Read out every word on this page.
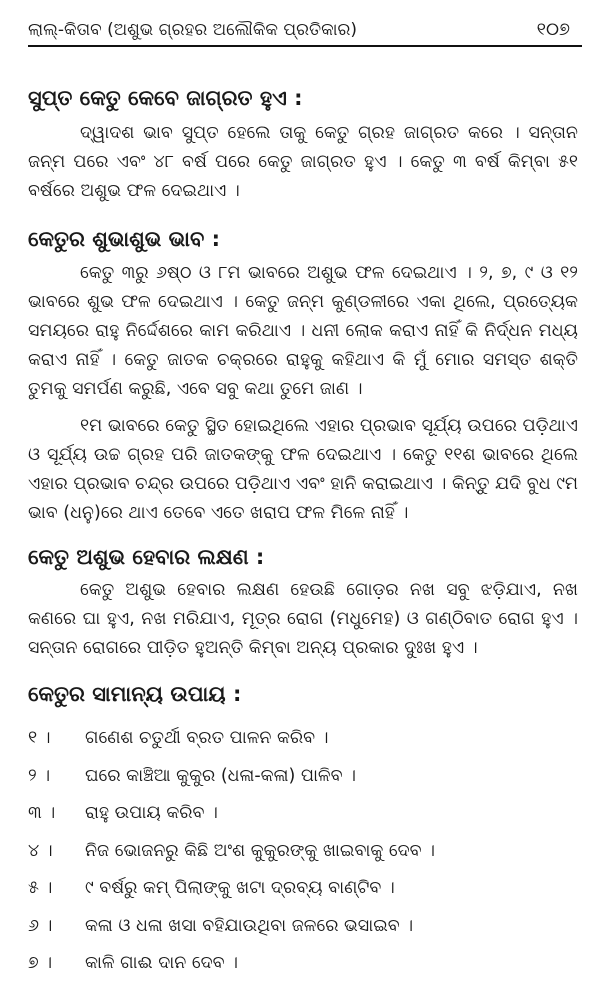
ଲାଲ୍-କିତାବ (ଅଶୁଭ ଗ୍ରହର ଅଲୌକିକ ପ୍ରତିକାର)	୧୦୭
ସୁପ୍ତ କେତୁ କେବେ ଜାଗ୍ରତ ହୁଏ :

ଦ୍ୱାଦଶ ଭାବ ସୁପ୍ତ ହେଲେ ତାକୁ କେତୁ ଗ୍ରହ ଜାଗ୍ରତ କରେ । ସନ୍ତାନ ଜନ୍ମ ପରେ ଏବଂ ୪୮ ବର୍ଷ ପରେ କେତୁ ଜାଗ୍ରତ ହୁଏ । କେତୁ ୩ ବର୍ଷ କିମ୍ବା ୫୧ ବର୍ଷରେ ଅଶୁଭ ଫଳ ଦେଇଥାଏ ।

କେତୁର ଶୁଭାଶୁଭ ଭାବ :

କେତୁ ୩ରୁ ୬ଷ୍ଠ ଓ ୮ମ ଭାବରେ ଅଶୁଭ ଫଳ ଦେଇଥାଏ । ୨, ୭, ୯ ଓ ୧୨ ଭାବରେ ଶୁଭ ଫଳ ଦେଇଥାଏ । କେତୁ ଜନ୍ମ କୁଣ୍ଡଳୀରେ ଏକା ଥିଲେ, ପ୍ରତ୍ୟେକ ସମୟରେ ରାହୁ ନିର୍ଦ୍ଦେଶରେ କାମ କରିଥାଏ । ଧନୀ ଲୋକ କରାଏ ନାହିଁ କି ନିର୍ଦ୍ଧନ ମଧ୍ୟ କରାଏ ନାହିଁ । କେତୁ ଜାତକ ଚକ୍ରରେ ରାହୁକୁ କହିଥାଏ କି ମୁଁ ମୋର ସମସ୍ତ ଶକ୍ତି ତୁମକୁ ସମର୍ପଣ କରୁଛି, ଏବେ ସବୁ କଥା ତୁମେ ଜାଣ ।

୧ମ ଭାବରେ କେତୁ ସ୍ଥିତ ହୋଇଥିଲେ ଏହାର ପ୍ରଭାବ ସୂର୍ଯ୍ୟ ଉପରେ ପଡ଼ିଥାଏ ଓ ସୂର୍ଯ୍ୟ ଉଚ୍ଚ ଗ୍ରହ ପରି ଜାତକଙ୍କୁ ଫଳ ଦେଇଥାଏ । କେତୁ ୧୧ଶ ଭାବରେ ଥିଲେ ଏହାର ପ୍ରଭାବ ଚନ୍ଦ୍ର ଉପରେ ପଡ଼ିଥାଏ ଏବଂ ହାନି କରାଇଥାଏ । କିନ୍ତୁ ଯଦି ବୁଧ ୯ମ ଭାବ (ଧନୁ)ରେ ଥାଏ ତେବେ ଏତେ ଖରାପ ଫଳ ମିଳେ ନାହିଁ ।

କେତୁ ଅଶୁଭ ହେବାର ଲକ୍ଷଣ :

କେତୁ ଅଶୁଭ ହେବାର ଲକ୍ଷଣ ହେଉଛି ଗୋଡ଼ର ନଖ ସବୁ ଝଡ଼ିଯାଏ, ନଖ କଣରେ ଘା ହୁଏ, ନଖ ମରିଯାଏ, ମୂତ୍ର ରୋଗ (ମଧୁମେହ) ଓ ଗଣ୍ଠିବାତ ରୋଗ ହୁଏ । ସନ୍ତାନ ରୋଗରେ ପୀଡ଼ିତ ହୁଅନ୍ତି କିମ୍ବା ଅନ୍ୟ ପ୍ରକାର ଦୁଃଖ ହୁଏ ।

କେତୁର ସାମାନ୍ୟ ଉପାୟ :
୧ ।	ଗଣେଶ ଚତୁର୍ଥୀ ବ୍ରତ ପାଳନ କରିବ ।
୨ ।	ଘରେ କାଞ୍ଚିଆ କୁକୁର (ଧଳା-କଳା) ପାଳିବ ।
୩ ।	ରାହୁ ଉପାୟ କରିବ ।
୪ ।	ନିଜ ଭୋଜନରୁ କିଛି ଅଂଶ କୁକୁରଙ୍କୁ ଖାଇବାକୁ ଦେବ ।
୫ ।	୯ ବର୍ଷରୁ କମ୍ ପିଲାଙ୍କୁ ଖଟା ଦ୍ରବ୍ୟ ବାଣ୍ଟିବ ।
୬ ।	କଳା ଓ ଧଳା ଖସା ବହିଯାଉଥିବା ଜଳରେ ଭସାଇବ ।
୭ ।	କାଳି ଗାଈ ଦାନ ଦେବ ।
